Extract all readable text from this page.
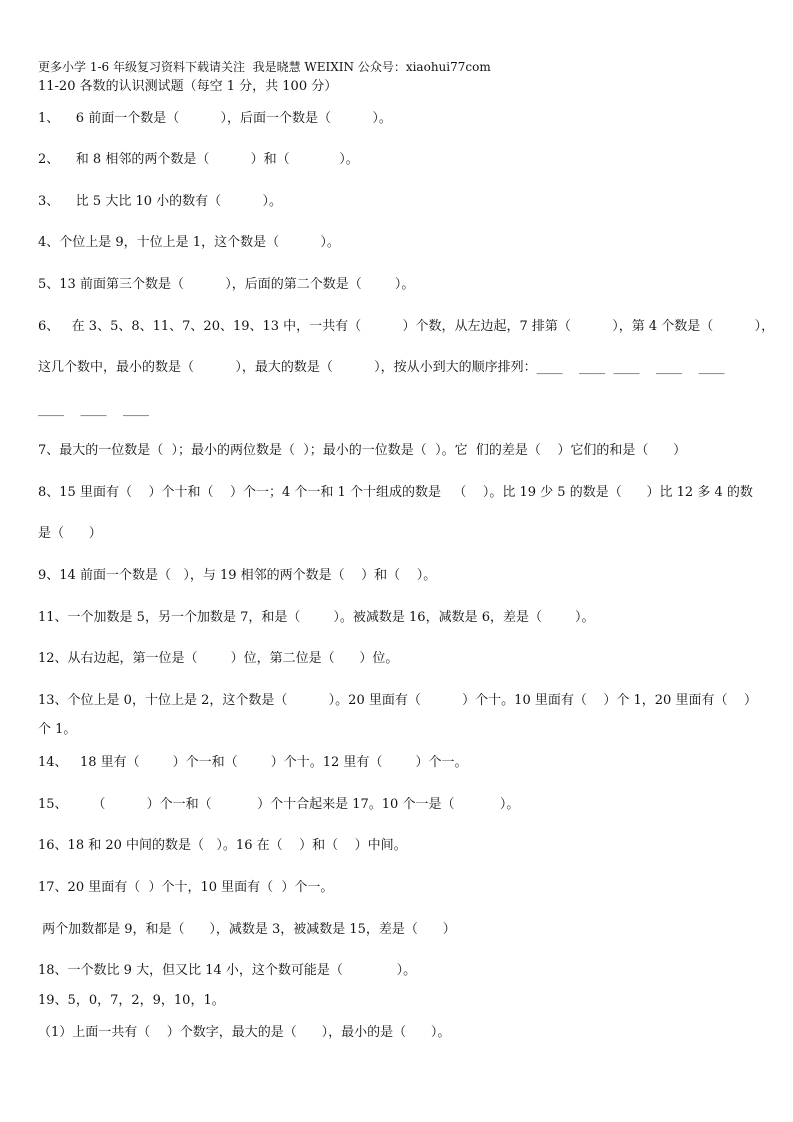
更多小学 1-6 年级复习资料下载请关注  我是晓慧 WEIXIN 公众号：xiaohui77com
11-20 各数的认识测试题（每空 1 分，共 100 分）
1、    6 前面一个数是（          ），后面一个数是（          ）。
2、    和 8 相邻的两个数是（          ）和（            ）。
3、    比 5 大比 10 小的数有（          ）。
4、个位上是 9，十位上是 1，这个数是（          ）。
5、13 前面第三个数是（          ），后面的第二个数是（        ）。
6、   在 3、5、8、11、7、20、19、13 中，一共有（          ）个数，从左边起，7 排第（          ），第 4 个数是（          ），
这几个数中，最小的数是（          ），最大的数是（          ），按从小到大的顺序排列：____    ____  ____    ____    ____
____    ____    ____
7、最大的一位数是（  ）；最小的两位数是（  ）；最小的一位数是（  ）。它  们的差是（    ）它们的和是（      ）
8、15 里面有（    ）个十和（    ）个一；4 个一和 1 个十组成的数是   （    ）。比 19 少 5 的数是（      ）比 12 多 4 的数
是（      ）
9、14 前面一个数是（   ），与 19 相邻的两个数是（    ）和（    ）。
11、一个加数是 5，另一个加数是 7，和是（        ）。被减数是 16，减数是 6，差是（        ）。
12、从右边起，第一位是（        ）位，第二位是（      ）位。
13、个位上是 0，十位上是 2，这个数是（          ）。20 里面有（          ）个十。10 里面有（    ）个 1，20 里面有（    ）
个 1。
14、   18 里有（        ）个一和（        ）个十。12 里有（        ）个一。
15、      （          ）个一和（           ）个十合起来是 17。10 个一是（           ）。
16、18 和 20 中间的数是（   ）。16 在（    ）和（    ）中间。
17、20 里面有（  ）个十，10 里面有（  ）个一。
两个加数都是 9，和是（      ），减数是 3，被减数是 15，差是（      ）
18、一个数比 9 大，但又比 14 小，这个数可能是（             ）。
19、5，0，7，2，9，10，1。
（1）上面一共有（    ）个数字，最大的是（      ），最小的是（      ）。
